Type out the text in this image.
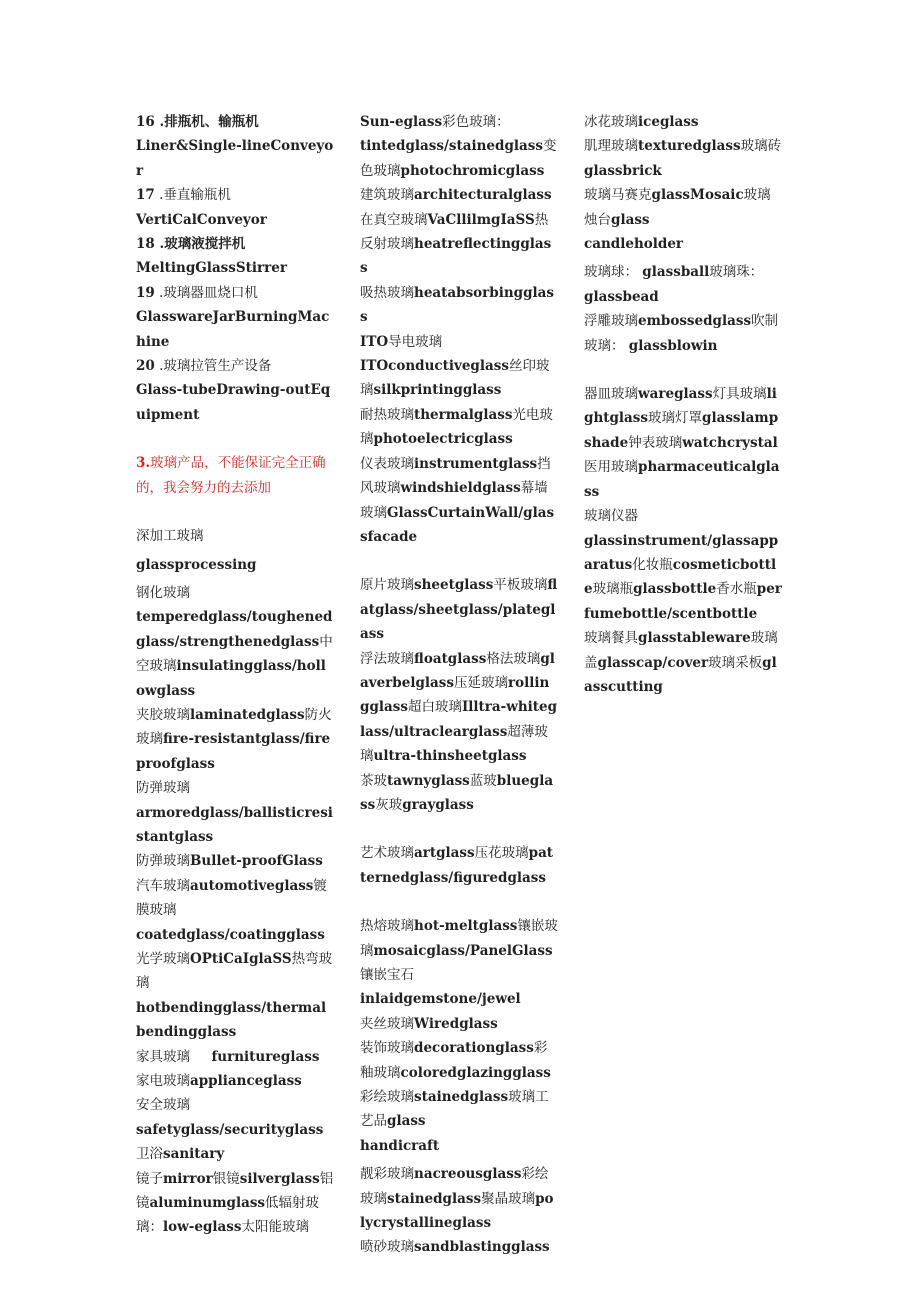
16 .排瓶机、输瓶机
Liner&Single-lineConveyor
17 .垂直输瓶机
VertiCalConveyor
18 .玻璃液搅拌机
MeltingGlassStirrer
19 .玻璃器皿烧口机
GlasswareJarBurningMachine
20 .玻璃拉管生产设备
Glass-tubeDrawing-outEquipment
3.玻璃产品，不能保证完全正确的，我会努力的去添加
深加工玻璃
glassprocessing
钢化玻璃
temperedglass/toughenedglass/strengthenedglass中空玻璃insulatingglass/hollowglass
夹胶玻璃laminatedglass防火玻璃fire-resistantglass/fireproofglass
防弹玻璃
armoredglass/ballisticresistantglass
防弹玻璃Bullet-proofGlass
汽车玻璃automotiveglass镀膜玻璃
coatedglass/coatingglass
光学玻璃OPtiCaIglaSS热弯玻璃
hotbendingglass/thermalbendingglass
家具玻璃 furnitureglass
家电玻璃applianceglass
安全玻璃
safetyglass/securityglass
卫浴sanitary
镜子mirror银镜silverglass铝镜aluminumglass低辐射玻璃：low-eglass太阳能玻璃
Sun-eglass彩色玻璃：
tintedglass/stainedglass变色玻璃photochromicglass
建筑玻璃architecturalglass在真空玻璃VaCllilmgIaSS热反射玻璃heatreflectingglass
吸热玻璃heatabsorbingglass
ITO导电玻璃
ITOconductiveglass丝印玻璃silkprintingglass
耐热玻璃thermalglass光电玻璃photoelectricglass
仪表玻璃instrumentglass挡风玻璃windshieldglass幕墙玻璃GlassCurtainWall/glassfacade
原片玻璃sheetglass平板玻璃flatglass/sheetglass/plateglass
浮法玻璃floatglass格法玻璃glaverbelglass压延玻璃rollingglass超白玻璃Illtra-whiteglass/ultraclearglass超薄玻璃ultra-thinsheetglass
茶玻tawnyglass蓝玻blueglass灰玻grayglass
艺术玻璃artglass压花玻璃patternedglass/figuredglass
热熔玻璃hot-meltglass镶嵌玻璃mosaicglass/PanelGlass
镶嵌宝石
inlaidgemstone/jewel
夹丝玻璃Wiredglass
装饰玻璃decorationglass彩釉玻璃coloredglazingglass
彩绘玻璃stainedglass玻璃工艺品glass
handicraft
靓彩玻璃nacreousglass彩绘玻璃stainedglass聚晶玻璃polycrystallineglass
喷砂玻璃sandblastingglass
冰花玻璃iceglass
肌理玻璃texturedglass玻璃砖glassbrick
玻璃马赛克glassMosaic玻璃烛台glass
candleholder
玻璃球： glassball玻璃珠：
glassbead
浮雕玻璃embossedglass吹制玻璃： glassblowin
器皿玻璃wareglass灯具玻璃lightglass玻璃灯罩glasslampshade钟表玻璃watchcrystal医用玻璃pharmaceuticalglass
玻璃仪器
glassinstrument/glassapparatus化妆瓶cosmeticbottle玻璃瓶glassbottle香水瓶perfumebottle/scentbottle
玻璃餐具glasstableware玻璃盖glasscap/cover玻璃采板glasscutting
